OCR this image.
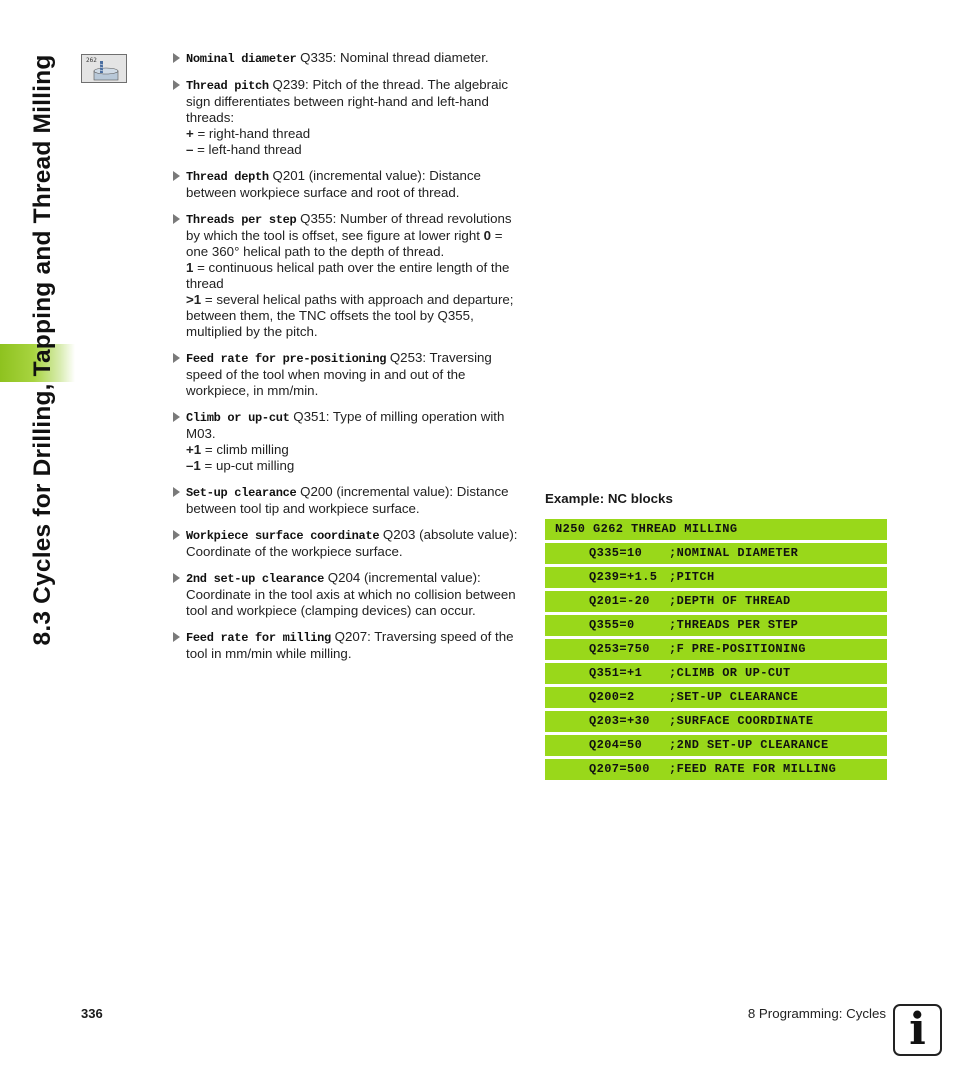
8.3 Cycles for Drilling, Tapping and Thread Milling	262	Nominal diameter Q335: Nominal thread diameter.
Thread pitch Q239: Pitch of the thread. The algebraic sign differentiates between right-hand and left-hand threads:
+ = right-hand thread
– = left-hand thread
Thread depth Q201 (incremental value): Distance between workpiece surface and root of thread.
Threads per step Q355: Number of thread revolutions by which the tool is offset, see figure at lower right 0 = one 360° helical path to the depth of thread.
1 = continuous helical path over the entire length of the thread
>1 = several helical paths with approach and departure; between them, the TNC offsets the tool by Q355, multiplied by the pitch.
Feed rate for pre-positioning Q253: Traversing speed of the tool when moving in and out of the workpiece, in mm/min.
Climb or up-cut Q351: Type of milling operation with M03.
+1 = climb milling
–1 = up-cut milling
Set-up clearance Q200 (incremental value): Distance between tool tip and workpiece surface.
Workpiece surface coordinate Q203 (absolute value): Coordinate of the workpiece surface.
2nd set-up clearance Q204 (incremental value): Coordinate in the tool axis at which no collision between tool and workpiece (clamping devices) can occur.
Feed rate for milling Q207: Traversing speed of the tool in mm/min while milling.
Example: NC blocks
N250 G262 THREAD MILLING
Q335=10 ;NOMINAL DIAMETER
Q239=+1.5 ;PITCH
Q201=-20 ;DEPTH OF THREAD
Q355=0	;THREADS PER STEP
Q253=750 ;F PRE-POSITIONING
Q351=+1 ;CLIMB OR UP-CUT
Q200=2	;SET-UP CLEARANCE
Q203=+30 ;SURFACE COORDINATE
Q204=50 ;2ND SET-UP CLEARANCE
Q207=500 ;FEED RATE FOR MILLING
336	8 Programming: Cycles i
